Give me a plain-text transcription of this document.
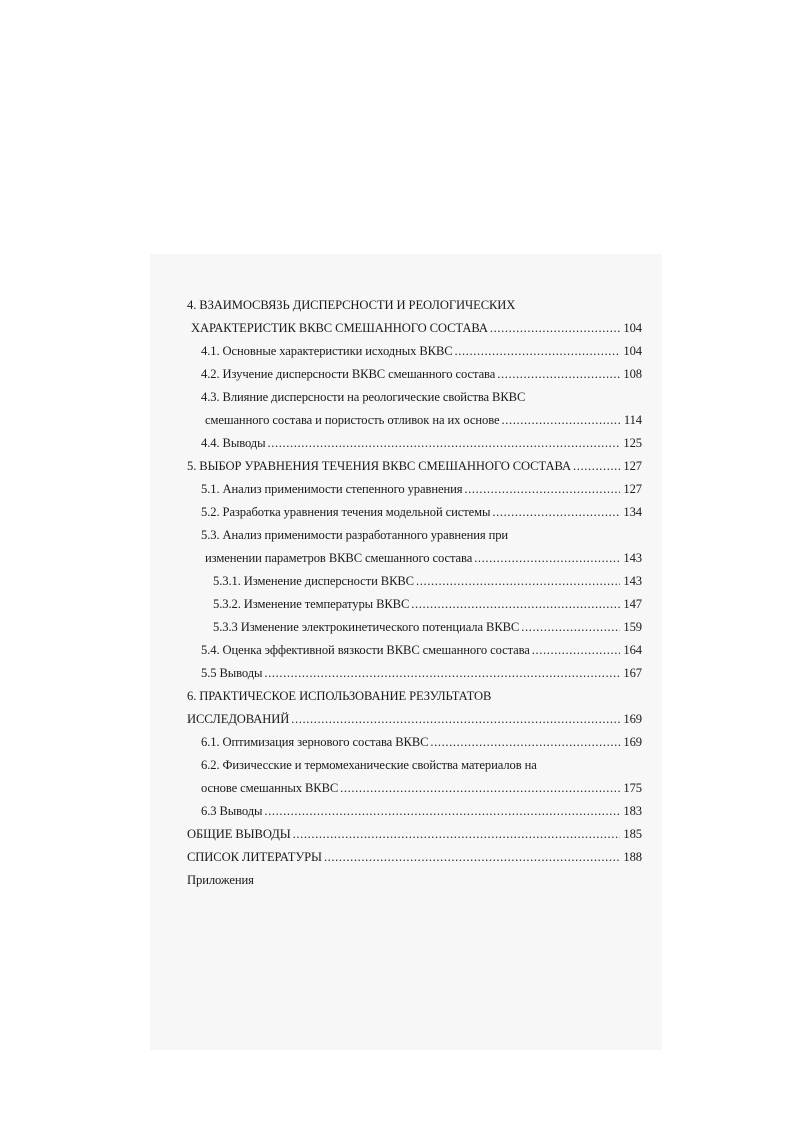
4. ВЗАИМОСВЯЗЬ ДИСПЕРСНОСТИ И РЕОЛОГИЧЕСКИХ
ХАРАКТЕРИСТИК ВКВС СМЕШАННОГО СОСТАВА .....	104
4.1. Основные характеристики исходных ВКВС .....	104
4.2. Изучение дисперсности ВКВС смешанного состава .....	108
4.3. Влияние дисперсности на реологические свойства ВКВС
смешанного состава и пористость отливок на их основе .....	114
4.4. Выводы .....	125
5. ВЫБОР УРАВНЕНИЯ ТЕЧЕНИЯ ВКВС СМЕШАННОГО СОСТАВА .....	127
5.1. Анализ применимости степенного уравнения .....	127
5.2. Разработка уравнения течения модельной системы .....	134
5.3. Анализ применимости разработанного уравнения при
изменении параметров ВКВС смешанного состава .....	143
5.3.1. Изменение дисперсности ВКВС .....	143
5.3.2. Изменение температуры ВКВС .....	147
5.3.3 Изменение электрокинетического потенциала ВКВС .....	159
5.4. Оценка эффективной вязкости ВКВС смешанного состава .....	164
5.5 Выводы .....	167
6. ПРАКТИЧЕСКОЕ ИСПОЛЬЗОВАНИЕ РЕЗУЛЬТАТОВ
ИССЛЕДОВАНИЙ .....	169
6.1. Оптимизация зернового состава ВКВС .....	169
6.2. Физичесские и термомеханические свойства материалов на
основе смешанных ВКВС .....	175
6.3 Выводы .....	183
ОБЩИЕ ВЫВОДЫ .....	185
СПИСОК ЛИТЕРАТУРЫ .....	188
Приложения
